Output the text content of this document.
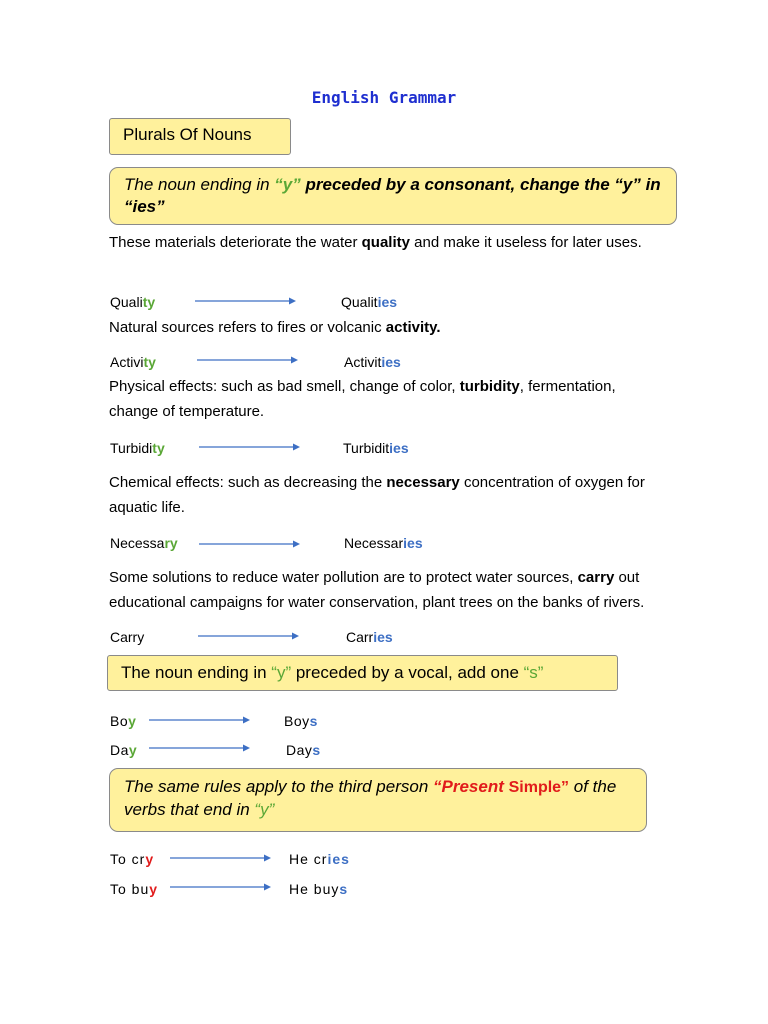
English Grammar
Plurals Of Nouns
The noun ending in “y” preceded by a consonant, change the “y” in “ies”
These materials deteriorate the water quality and make it useless for later uses.
Quality	Qualities
Natural sources refers to fires or volcanic activity.
Activity	Activities
Physical effects: such as bad smell, change of color, turbidity, fermentation, change of temperature.
Turbidity	Turbidities
Chemical effects: such as decreasing the necessary concentration of oxygen for aquatic life.
Necessary	Necessaries
Some solutions to reduce water pollution are to protect water sources, carry out educational campaigns for water conservation, plant trees on the banks of rivers.
Carry	Carries
The noun ending in “y” preceded by a vocal, add one “s”
Boy	Boys
Day	Days
The same rules apply to the third person “Present Simple” of the verbs that end in “y”
To cry	He cries
To buy	He buys
